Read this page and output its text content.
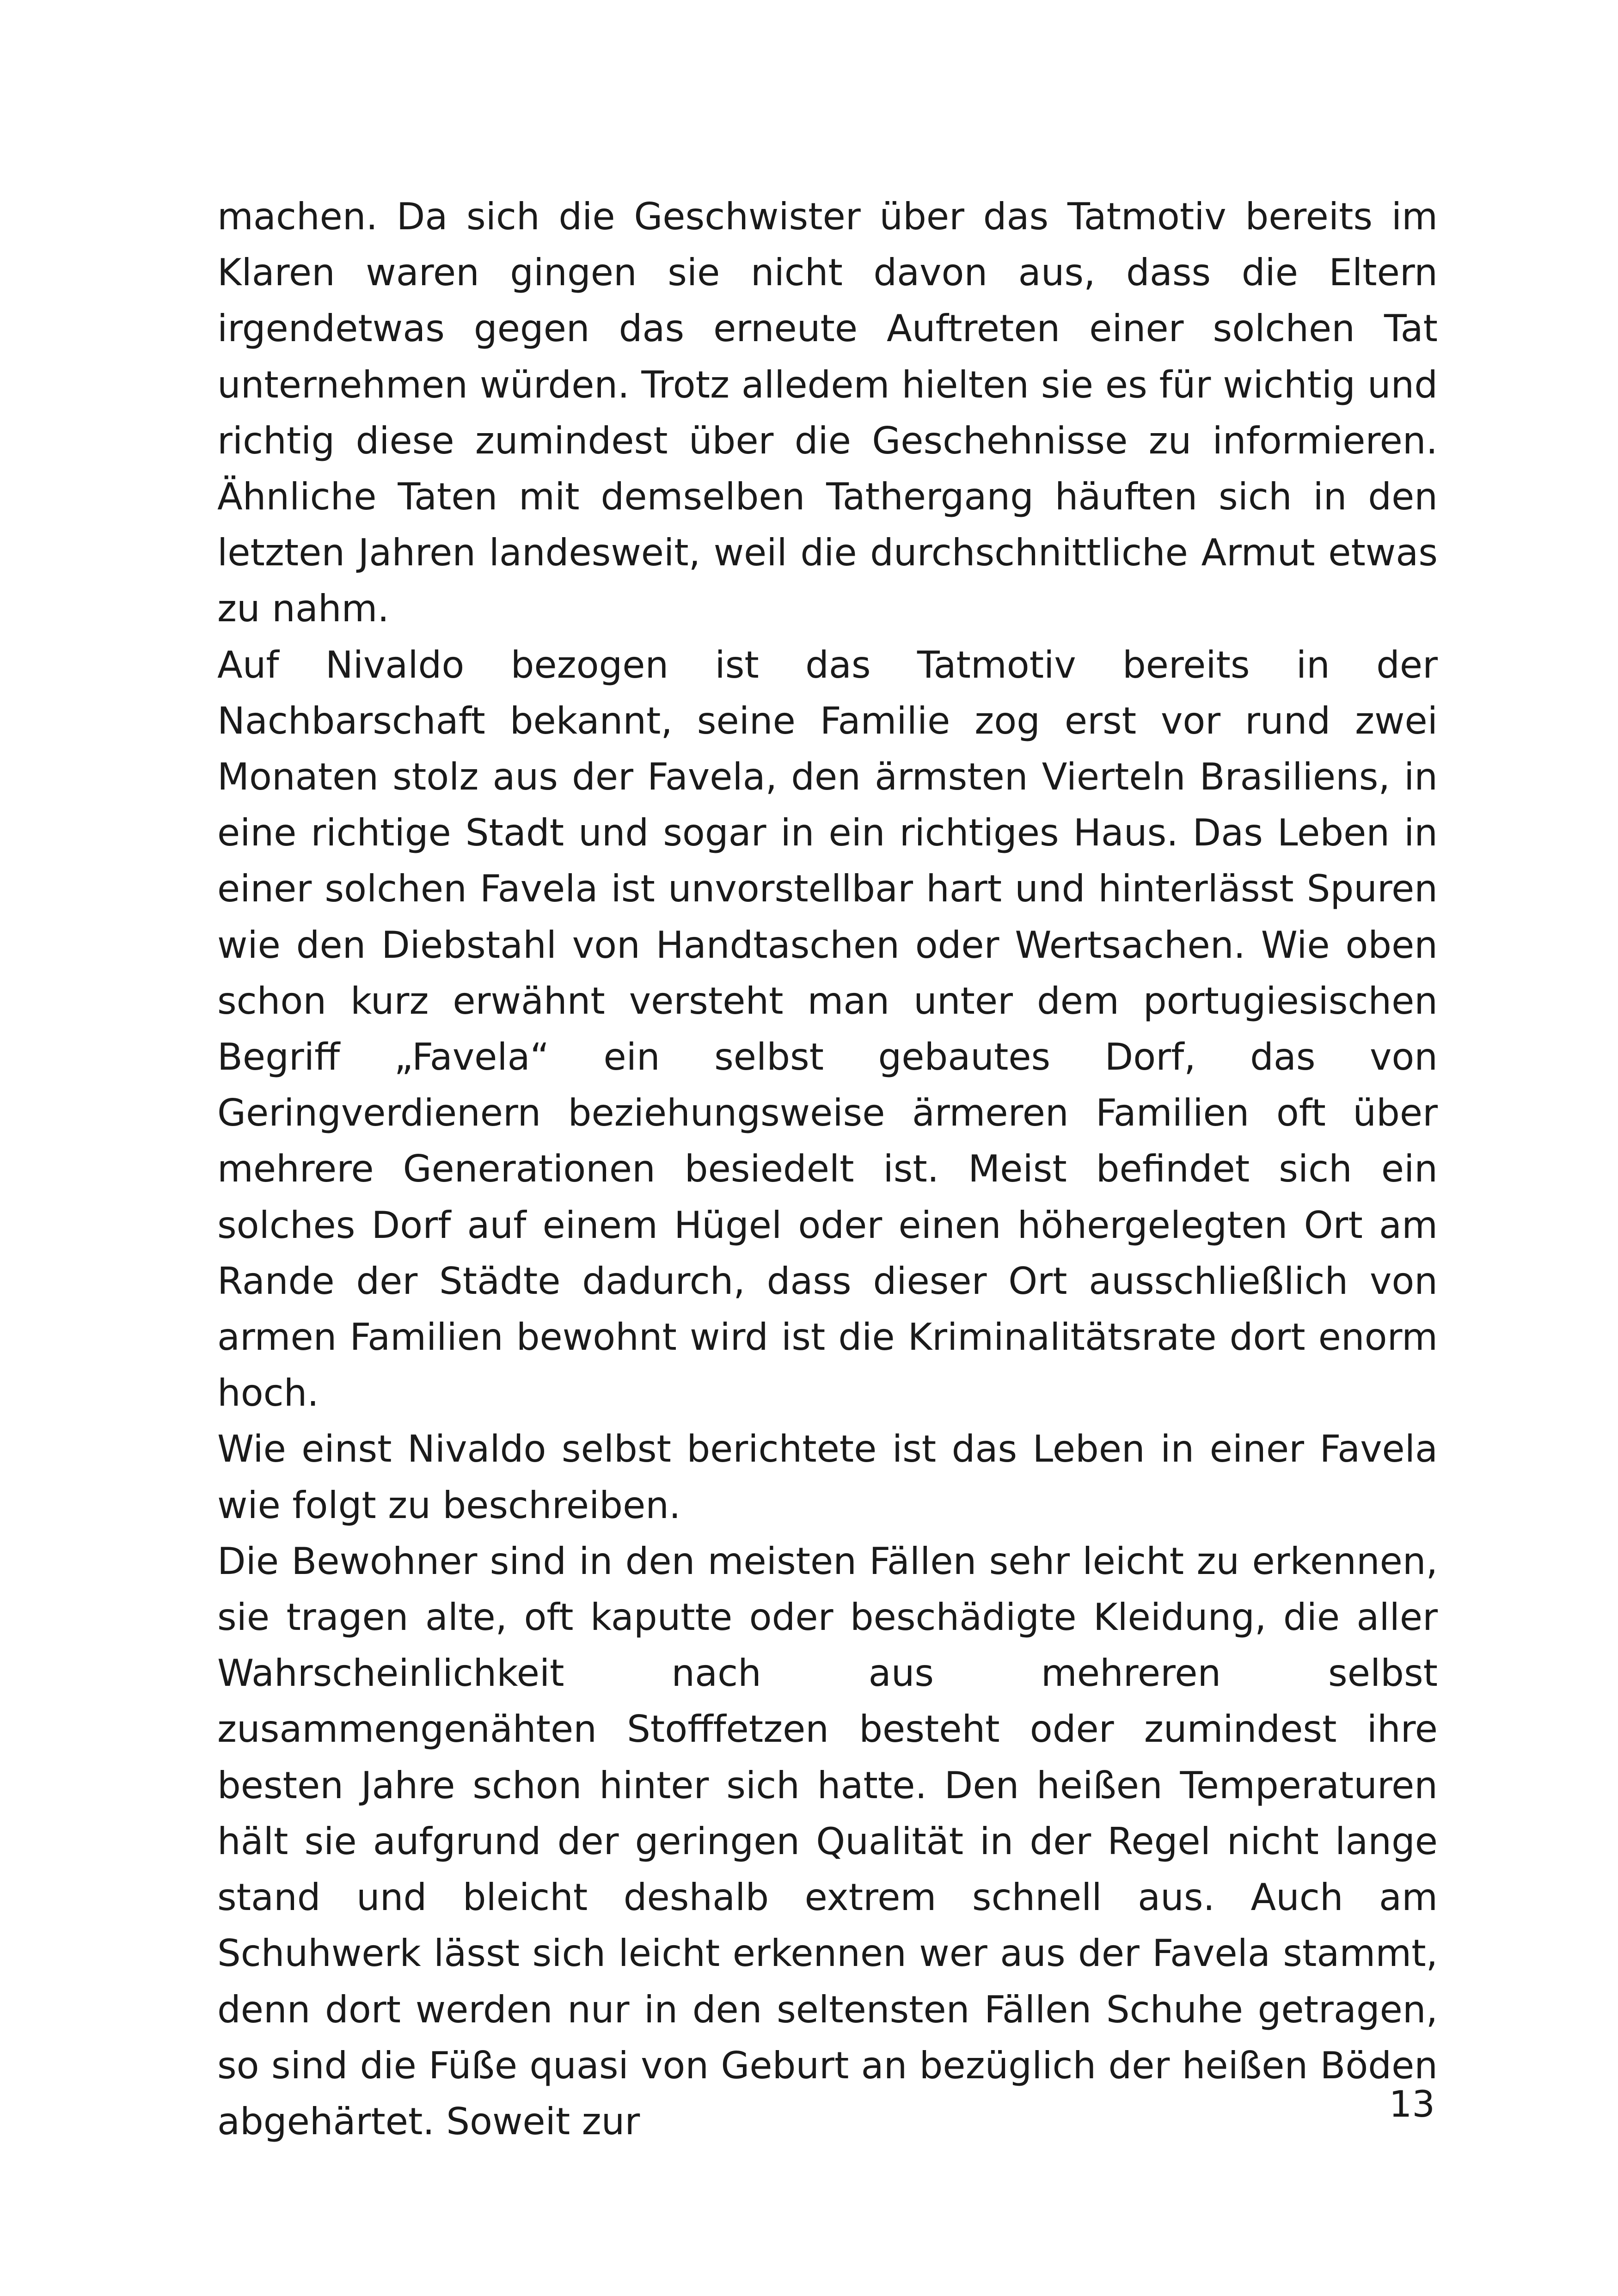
machen. Da sich die Geschwister über das Tatmotiv bereits im Klaren waren gingen sie nicht davon aus, dass die Eltern irgendetwas gegen das erneute Auftreten einer solchen Tat unternehmen würden. Trotz alledem hielten sie es für wichtig und richtig diese zumindest über die Geschehnisse zu informieren. Ähnliche Taten mit demselben Tathergang häuften sich in den letzten Jahren landesweit, weil die durchschnittliche Armut etwas zu nahm.

Auf Nivaldo bezogen ist das Tatmotiv bereits in der Nachbarschaft bekannt, seine Familie zog erst vor rund zwei Monaten stolz aus der Favela, den ärmsten Vierteln Brasiliens, in eine richtige Stadt und sogar in ein richtiges Haus. Das Leben in einer solchen Favela ist unvorstellbar hart und hinterlässt Spuren wie den Diebstahl von Handtaschen oder Wertsachen. Wie oben schon kurz erwähnt versteht man unter dem portugiesischen Begriff „Favela“ ein selbst gebautes Dorf, das von Geringverdienern beziehungsweise ärmeren Familien oft über mehrere Generationen besiedelt ist. Meist befindet sich ein solches Dorf auf einem Hügel oder einen höhergelegten Ort am Rande der Städte dadurch, dass dieser Ort ausschließlich von armen Familien bewohnt wird ist die Kriminalitätsrate dort enorm hoch.

Wie einst Nivaldo selbst berichtete ist das Leben in einer Favela wie folgt zu beschreiben.

Die Bewohner sind in den meisten Fällen sehr leicht zu erkennen, sie tragen alte, oft kaputte oder beschädigte Kleidung, die aller Wahrscheinlichkeit nach aus mehreren selbst zusammengenähten Stofffetzen besteht oder zumindest ihre besten Jahre schon hinter sich hatte. Den heißen Temperaturen hält sie aufgrund der geringen Qualität in der Regel nicht lange stand und bleicht deshalb extrem schnell aus. Auch am Schuhwerk lässt sich leicht erkennen wer aus der Favela stammt, denn dort werden nur in den seltensten Fällen Schuhe getragen, so sind die Füße quasi von Geburt an bezüglich der heißen Böden abgehärtet. Soweit zur	13
